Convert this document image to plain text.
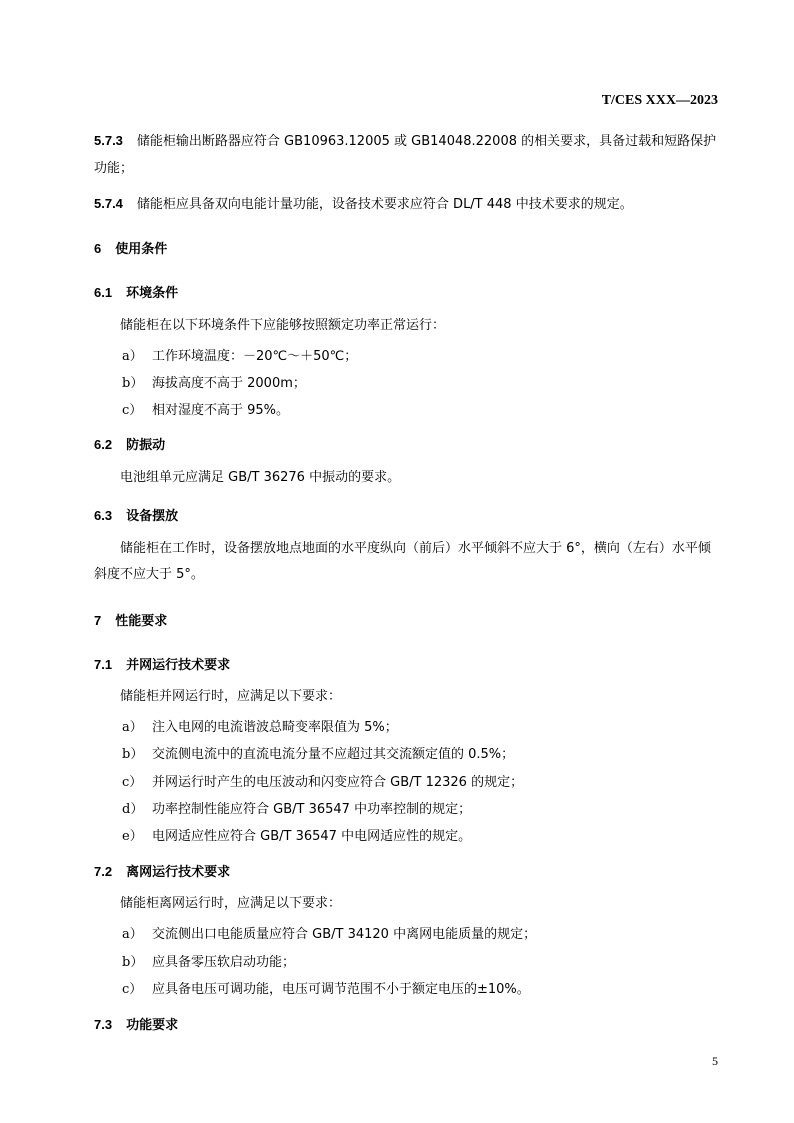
T/CES XXX—2023
5.7.3 储能柜输出断路器应符合 GB10963.12005 或 GB14048.22008 的相关要求，具备过载和短路保护功能；
5.7.4 储能柜应具备双向电能计量功能，设备技术要求应符合 DL/T 448 中技术要求的规定。
6 使用条件
6.1 环境条件
储能柜在以下环境条件下应能够按照额定功率正常运行：
a） 工作环境温度：－20℃～＋50℃；
b） 海拔高度不高于 2000m；
c） 相对湿度不高于 95%。
6.2 防振动
电池组单元应满足 GB/T 36276 中振动的要求。
6.3 设备摆放
储能柜在工作时，设备摆放地点地面的水平度纵向（前后）水平倾斜不应大于 6°，横向（左右）水平倾斜度不应大于 5°。
7 性能要求
7.1 并网运行技术要求
储能柜并网运行时，应满足以下要求：
a） 注入电网的电流谐波总畸变率限值为 5%；
b） 交流侧电流中的直流电流分量不应超过其交流额定值的 0.5%；
c） 并网运行时产生的电压波动和闪变应符合 GB/T 12326 的规定；
d） 功率控制性能应符合 GB/T 36547 中功率控制的规定；
e） 电网适应性应符合 GB/T 36547 中电网适应性的规定。
7.2 离网运行技术要求
储能柜离网运行时，应满足以下要求：
a） 交流侧出口电能质量应符合 GB/T 34120 中离网电能质量的规定；
b） 应具备零压软启动功能；
c） 应具备电压可调功能，电压可调节范围不小于额定电压的±10%。
7.3 功能要求
5
